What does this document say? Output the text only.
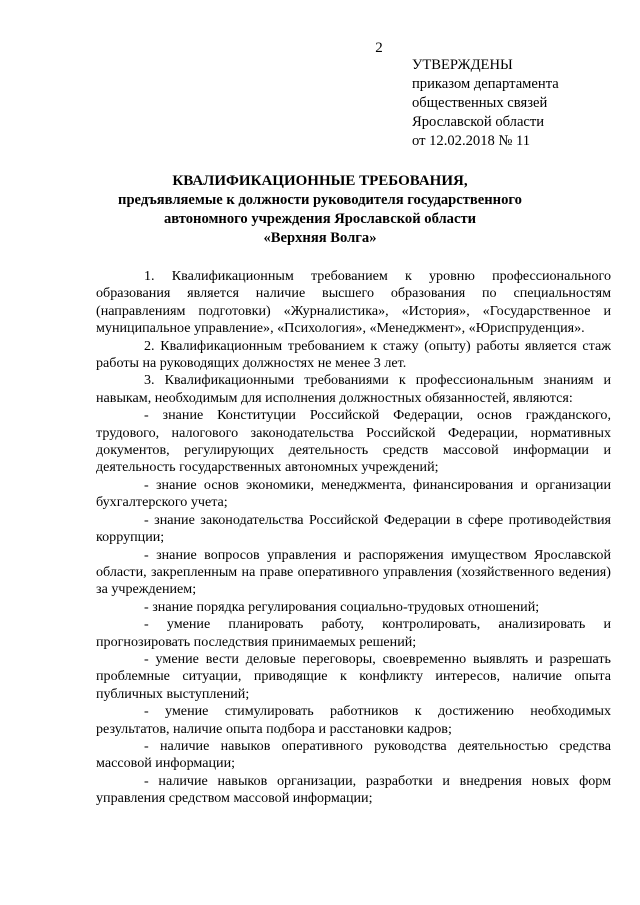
2
УТВЕРЖДЕНЫ
приказом департамента
общественных связей
Ярославской области
от 12.02.2018 № 11
КВАЛИФИКАЦИОННЫЕ ТРЕБОВАНИЯ,
предъявляемые к должности руководителя государственного
автономного учреждения Ярославской области
«Верхняя Волга»

1. Квалификационным требованием к уровню профессионального образования является наличие высшего образования по специальностям (направлениям подготовки) «Журналистика», «История», «Государственное и муниципальное управление», «Психология», «Менеджмент», «Юриспруденция».

2. Квалификационным требованием к стажу (опыту) работы является стаж работы на руководящих должностях не менее 3 лет.

3. Квалификационными требованиями к профессиональным знаниям и навыкам, необходимым для исполнения должностных обязанностей, являются:

- знание Конституции Российской Федерации, основ гражданского, трудового, налогового законодательства Российской Федерации, нормативных документов, регулирующих деятельность средств массовой информации и деятельность государственных автономных учреждений;

- знание основ экономики, менеджмента, финансирования и организации бухгалтерского учета;

- знание законодательства Российской Федерации в сфере противодействия коррупции;

- знание вопросов управления и распоряжения имуществом Ярославской области, закрепленным на праве оперативного управления (хозяйственного ведения) за учреждением;

- знание порядка регулирования социально-трудовых отношений;

- умение планировать работу, контролировать, анализировать и прогнозировать последствия принимаемых решений;

- умение вести деловые переговоры, своевременно выявлять и разрешать проблемные ситуации, приводящие к конфликту интересов, наличие опыта публичных выступлений;

- умение стимулировать работников к достижению необходимых результатов, наличие опыта подбора и расстановки кадров;

- наличие навыков оперативного руководства деятельностью средства массовой информации;

- наличие навыков организации, разработки и внедрения новых форм управления средством массовой информации;
